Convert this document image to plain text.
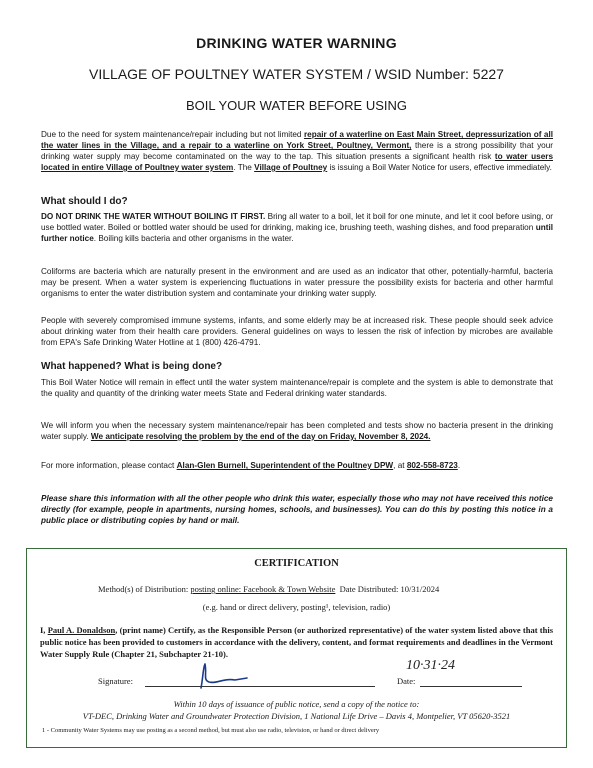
DRINKING WATER WARNING
VILLAGE OF POULTNEY WATER SYSTEM / WSID Number: 5227
BOIL YOUR WATER BEFORE USING
Due to the need for system maintenance/repair including but not limited repair of a waterline on East Main Street, depressurization of all the water lines in the Village, and a repair to a waterline on York Street, Poultney, Vermont, there is a strong possibility that your drinking water supply may become contaminated on the way to the tap. This situation presents a significant health risk to water users located in entire Village of Poultney water system. The Village of Poultney is issuing a Boil Water Notice for users, effective immediately.
What should I do?
DO NOT DRINK THE WATER WITHOUT BOILING IT FIRST. Bring all water to a boil, let it boil for one minute, and let it cool before using, or use bottled water. Boiled or bottled water should be used for drinking, making ice, brushing teeth, washing dishes, and food preparation until further notice. Boiling kills bacteria and other organisms in the water.
Coliforms are bacteria which are naturally present in the environment and are used as an indicator that other, potentially-harmful, bacteria may be present. When a water system is experiencing fluctuations in water pressure the possibility exists for bacteria and other harmful organisms to enter the water distribution system and contaminate your drinking water supply.
People with severely compromised immune systems, infants, and some elderly may be at increased risk. These people should seek advice about drinking water from their health care providers. General guidelines on ways to lessen the risk of infection by microbes are available from EPA's Safe Drinking Water Hotline at 1 (800) 426-4791.
What happened? What is being done?
This Boil Water Notice will remain in effect until the water system maintenance/repair is complete and the system is able to demonstrate that the quality and quantity of the drinking water meets State and Federal drinking water standards.
We will inform you when the necessary system maintenance/repair has been completed and tests show no bacteria present in the drinking water supply. We anticipate resolving the problem by the end of the day on Friday, November 8, 2024.
For more information, please contact Alan-Glen Burnell, Superintendent of the Poultney DPW, at 802-558-8723.
Please share this information with all the other people who drink this water, especially those who may not have received this notice directly (for example, people in apartments, nursing homes, schools, and businesses). You can do this by posting this notice in a public place or distributing copies by hand or mail.
CERTIFICATION
Method(s) of Distribution: posting online: Facebook & Town Website Date Distributed: 10/31/2024
(e.g. hand or direct delivery, posting¹, television, radio)
I, Paul A. Donaldson, (print name) Certify, as the Responsible Person (or authorized representative) of the water system listed above that this public notice has been provided to customers in accordance with the delivery, content, and format requirements and deadlines in the Vermont Water Supply Rule (Chapter 21, Subchapter 21-10).
Signature:	Date:
10·31·24
Within 10 days of issuance of public notice, send a copy of the notice to:
VT-DEC, Drinking Water and Groundwater Protection Division, 1 National Life Drive – Davis 4, Montpelier, VT 05620-3521
1 - Community Water Systems may use posting as a second method, but must also use radio, television, or hand or direct delivery
